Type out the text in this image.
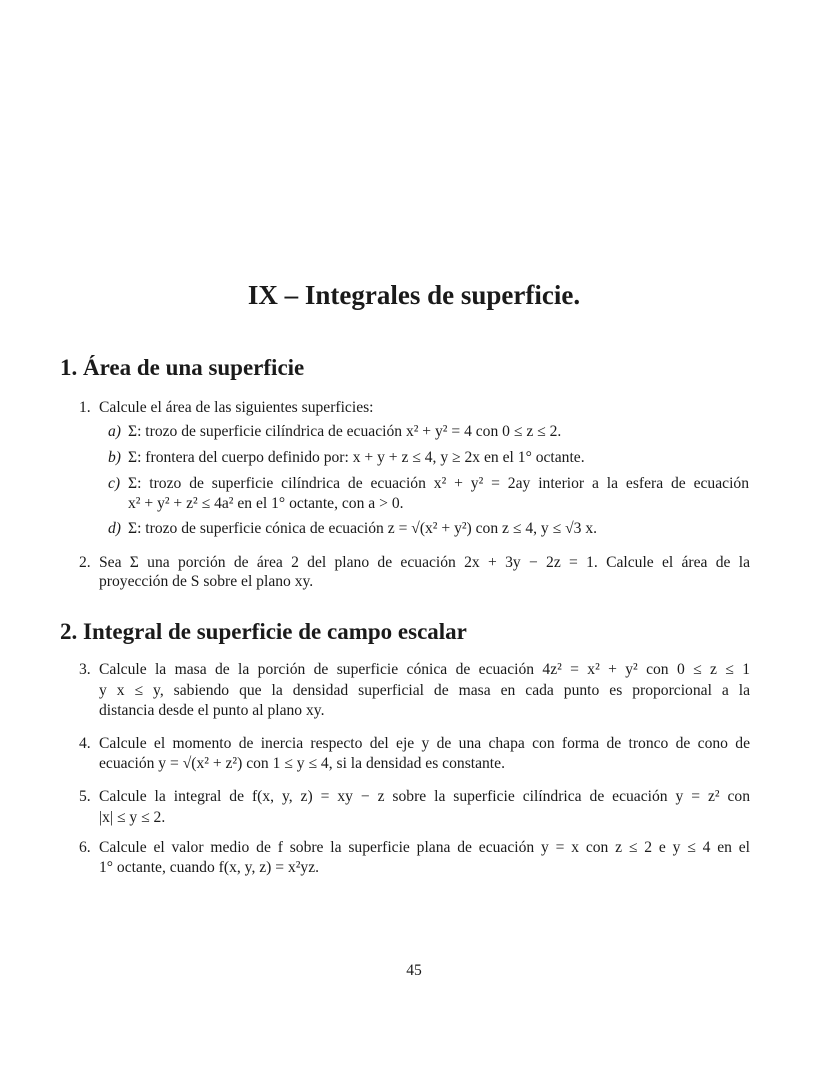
IX – Integrales de superficie.
1. Área de una superficie
1. Calcule el área de las siguientes superficies:
a) Σ: trozo de superficie cilíndrica de ecuación x² + y² = 4 con 0 ≤ z ≤ 2.
b) Σ: frontera del cuerpo definido por: x + y + z ≤ 4, y ≥ 2x en el 1° octante.
c) Σ: trozo de superficie cilíndrica de ecuación x² + y² = 2ay interior a la esfera de ecuación
x² + y² + z² ≤ 4a² en el 1° octante, con a > 0.
d) Σ: trozo de superficie cónica de ecuación z = √(x² + y²) con z ≤ 4, y ≤ √3 x.
2. Sea Σ una porción de área 2 del plano de ecuación 2x + 3y − 2z = 1. Calcule el área de la
proyección de S sobre el plano xy.
2. Integral de superficie de campo escalar
3. Calcule la masa de la porción de superficie cónica de ecuación 4z² = x² + y² con 0 ≤ z ≤ 1
y x ≤ y, sabiendo que la densidad superficial de masa en cada punto es proporcional a la
distancia desde el punto al plano xy.
4. Calcule el momento de inercia respecto del eje y de una chapa con forma de tronco de cono de
ecuación y = √(x² + z²) con 1 ≤ y ≤ 4, si la densidad es constante.
5. Calcule la integral de f(x, y, z) = xy − z sobre la superficie cilíndrica de ecuación y = z² con
|x| ≤ y ≤ 2.
6. Calcule el valor medio de f sobre la superficie plana de ecuación y = x con z ≤ 2 e y ≤ 4 en el
1° octante, cuando f(x, y, z) = x²yz.
45
